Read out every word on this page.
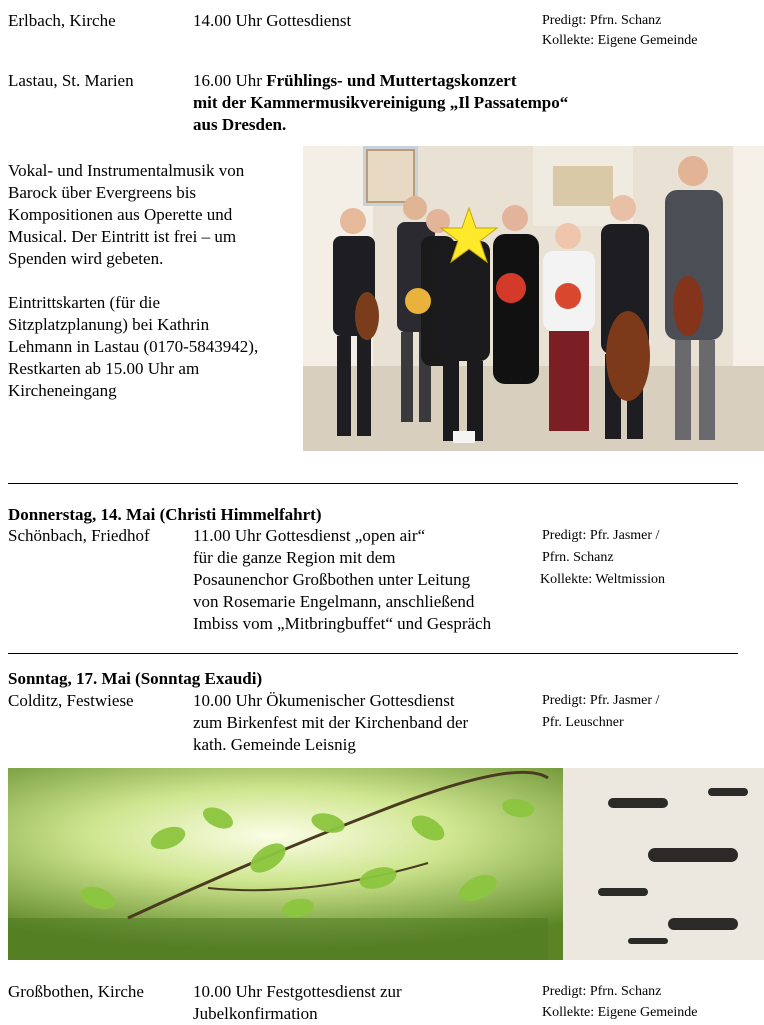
Erlbach, Kirche	14.00 Uhr Gottesdienst	Predigt: Pfrn. Schanz
Kollekte: Eigene Gemeinde
Lastau, St. Marien	16.00 Uhr Frühlings- und Muttertagskonzert
mit der Kammermusikvereinigung „Il Passatempo“
aus Dresden.
Vokal- und Instrumentalmusik von
Barock über Evergreens bis
Kompositionen aus Operette und
Musical. Der Eintritt ist frei – um
Spenden wird gebeten.
Eintrittskarten (für die
Sitzplatzplanung) bei Kathrin
Lehmann in Lastau (0170-5843942),
Restkarten ab 15.00 Uhr am
Kircheneingang
Donnerstag, 14. Mai (Christi Himmelfahrt)
Schönbach, Friedhof	11.00 Uhr Gottesdienst „open air“
für die ganze Region mit dem
Posaunenchor Großbothen unter Leitung
von Rosemarie Engelmann, anschließend
Imbiss vom „Mitbringbuffet“ und Gespräch
Predigt: Pfr. Jasmer /
Pfrn. Schanz
Kollekte: Weltmission
Sonntag, 17. Mai (Sonntag Exaudi)
Colditz, Festwiese	10.00 Uhr Ökumenischer Gottesdienst
zum Birkenfest mit der Kirchenband der
kath. Gemeinde Leisnig
Predigt: Pfr. Jasmer /
Pfr. Leuschner
Großbothen, Kirche	10.00 Uhr Festgottesdienst zur
Jubelkonfirmation
Predigt: Pfrn. Schanz
Kollekte: Eigene Gemeinde
